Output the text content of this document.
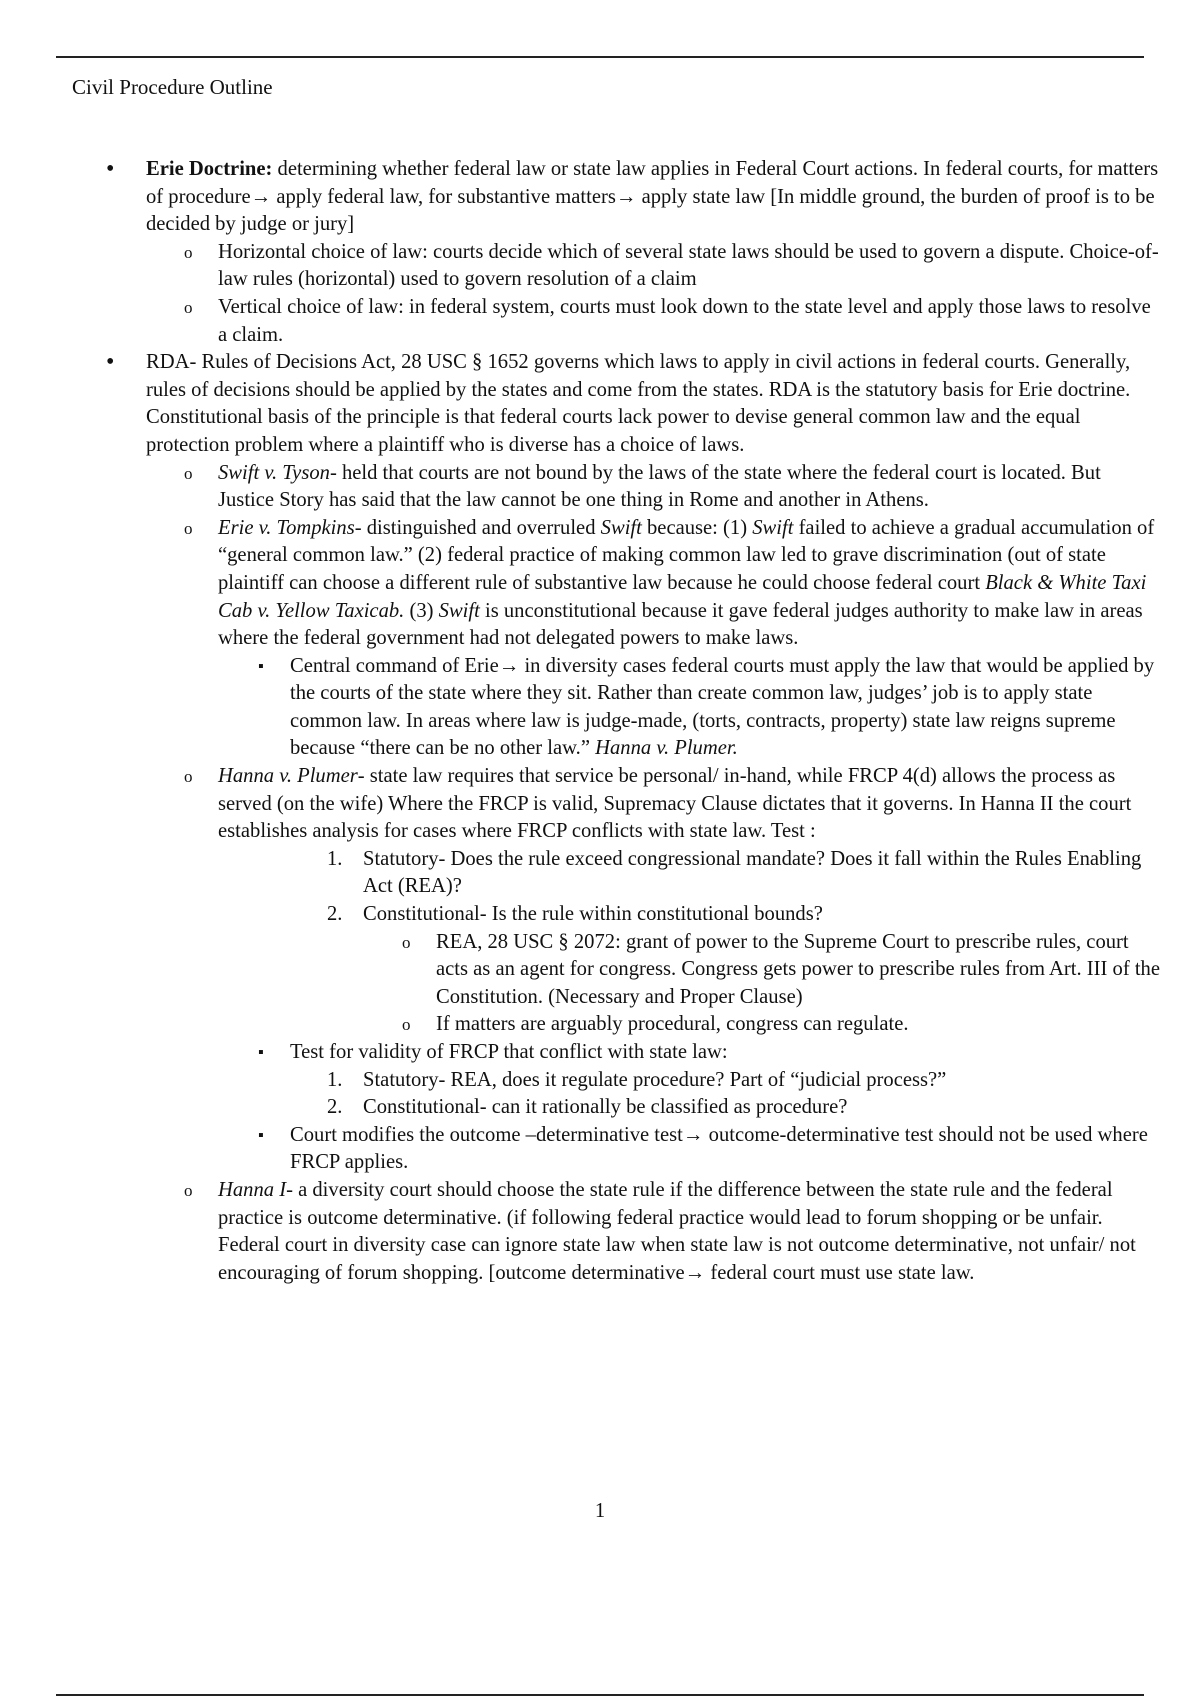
Civil Procedure Outline
• Erie Doctrine: determining whether federal law or state law applies in Federal Court actions. In federal courts, for matters of procedure→ apply federal law, for substantive matters→ apply state law [In middle ground, the burden of proof is to be decided by judge or jury]
o Horizontal choice of law: courts decide which of several state laws should be used to govern a dispute. Choice-of-law rules (horizontal) used to govern resolution of a claim
o Vertical choice of law: in federal system, courts must look down to the state level and apply those laws to resolve a claim.
• RDA- Rules of Decisions Act, 28 USC § 1652 governs which laws to apply in civil actions in federal courts. Generally, rules of decisions should be applied by the states and come from the states. RDA is the statutory basis for Erie doctrine. Constitutional basis of the principle is that federal courts lack power to devise general common law and the equal protection problem where a plaintiff who is diverse has a choice of laws.
o Swift v. Tyson- held that courts are not bound by the laws of the state where the federal court is located. But Justice Story has said that the law cannot be one thing in Rome and another in Athens.
o Erie v. Tompkins- distinguished and overruled Swift because: (1) Swift failed to achieve a gradual accumulation of “general common law.” (2) federal practice of making common law led to grave discrimination (out of state plaintiff can choose a different rule of substantive law because he could choose federal court Black & White Taxi Cab v. Yellow Taxicab. (3) Swift is unconstitutional because it gave federal judges authority to make law in areas where the federal government had not delegated powers to make laws.
▪ Central command of Erie→ in diversity cases federal courts must apply the law that would be applied by the courts of the state where they sit. Rather than create common law, judges’ job is to apply state common law. In areas where law is judge-made, (torts, contracts, property) state law reigns supreme because “there can be no other law.” Hanna v. Plumer.
o Hanna v. Plumer- state law requires that service be personal/ in-hand, while FRCP 4(d) allows the process as served (on the wife) Where the FRCP is valid, Supremacy Clause dictates that it governs. In Hanna II the court establishes analysis for cases where FRCP conflicts with state law. Test :
1. Statutory- Does the rule exceed congressional mandate? Does it fall within the Rules Enabling Act (REA)?
2. Constitutional- Is the rule within constitutional bounds?
o REA, 28 USC § 2072: grant of power to the Supreme Court to prescribe rules, court acts as an agent for congress. Congress gets power to prescribe rules from Art. III of the Constitution. (Necessary and Proper Clause)
o If matters are arguably procedural, congress can regulate.
▪ Test for validity of FRCP that conflict with state law:
1. Statutory- REA, does it regulate procedure? Part of “judicial process?”
2. Constitutional- can it rationally be classified as procedure?
▪ Court modifies the outcome –determinative test→ outcome-determinative test should not be used where FRCP applies.
o Hanna I- a diversity court should choose the state rule if the difference between the state rule and the federal practice is outcome determinative. (if following federal practice would lead to forum shopping or be unfair. Federal court in diversity case can ignore state law when state law is not outcome determinative, not unfair/ not encouraging of forum shopping. [outcome determinative→ federal court must use state law.
1
